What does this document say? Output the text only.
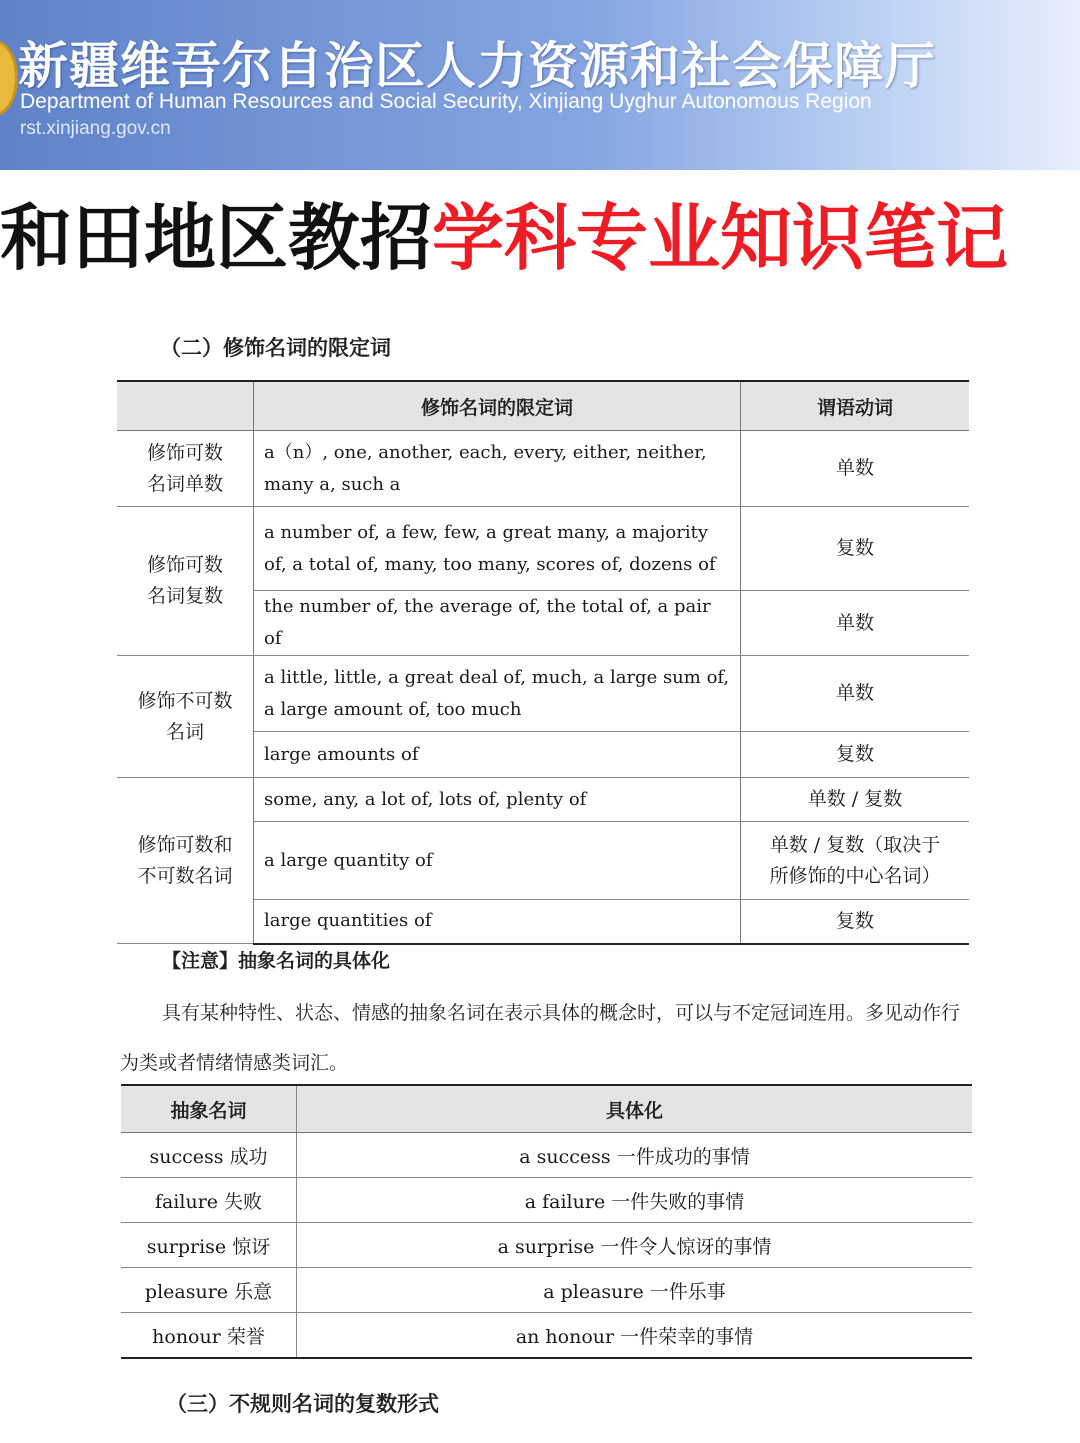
新疆维吾尔自治区人力资源和社会保障厅

Department of Human Resources and Social Security, Xinjiang Uyghur Autonomous Region

rst.xinjiang.gov.cn

和田地区教招学科专业知识笔记

（二）修饰名词的限定词

	修饰名词的限定词	谓语动词
修饰可数
名词单数	a（n）, one, another, each, every, either, neither, many a, such a	单数
修饰可数
名词复数	a number of, a few, few, a great many, a majority of, a total of, many, too many, scores of, dozens of	复数
	the number of, the average of, the total of, a pair of	单数
修饰不可数
名词	a little, little, a great deal of, much, a large sum of, a large amount of, too much	单数
	large amounts of	复数
修饰可数和
不可数名词	some, any, a lot of, lots of, plenty of	单数 / 复数
	a large quantity of	单数 / 复数（取决于
所修饰的中心名词）
	large quantities of	复数

【注意】抽象名词的具体化

具有某种特性、状态、情感的抽象名词在表示具体的概念时，可以与不定冠词连用。多见动作行为类或者情绪情感类词汇。

抽象名词	具体化
success 成功	a success 一件成功的事情
failure 失败	a failure 一件失败的事情
surprise 惊讶	a surprise 一件令人惊讶的事情
pleasure 乐意	a pleasure 一件乐事
honour 荣誉	an honour 一件荣幸的事情

（三）不规则名词的复数形式
